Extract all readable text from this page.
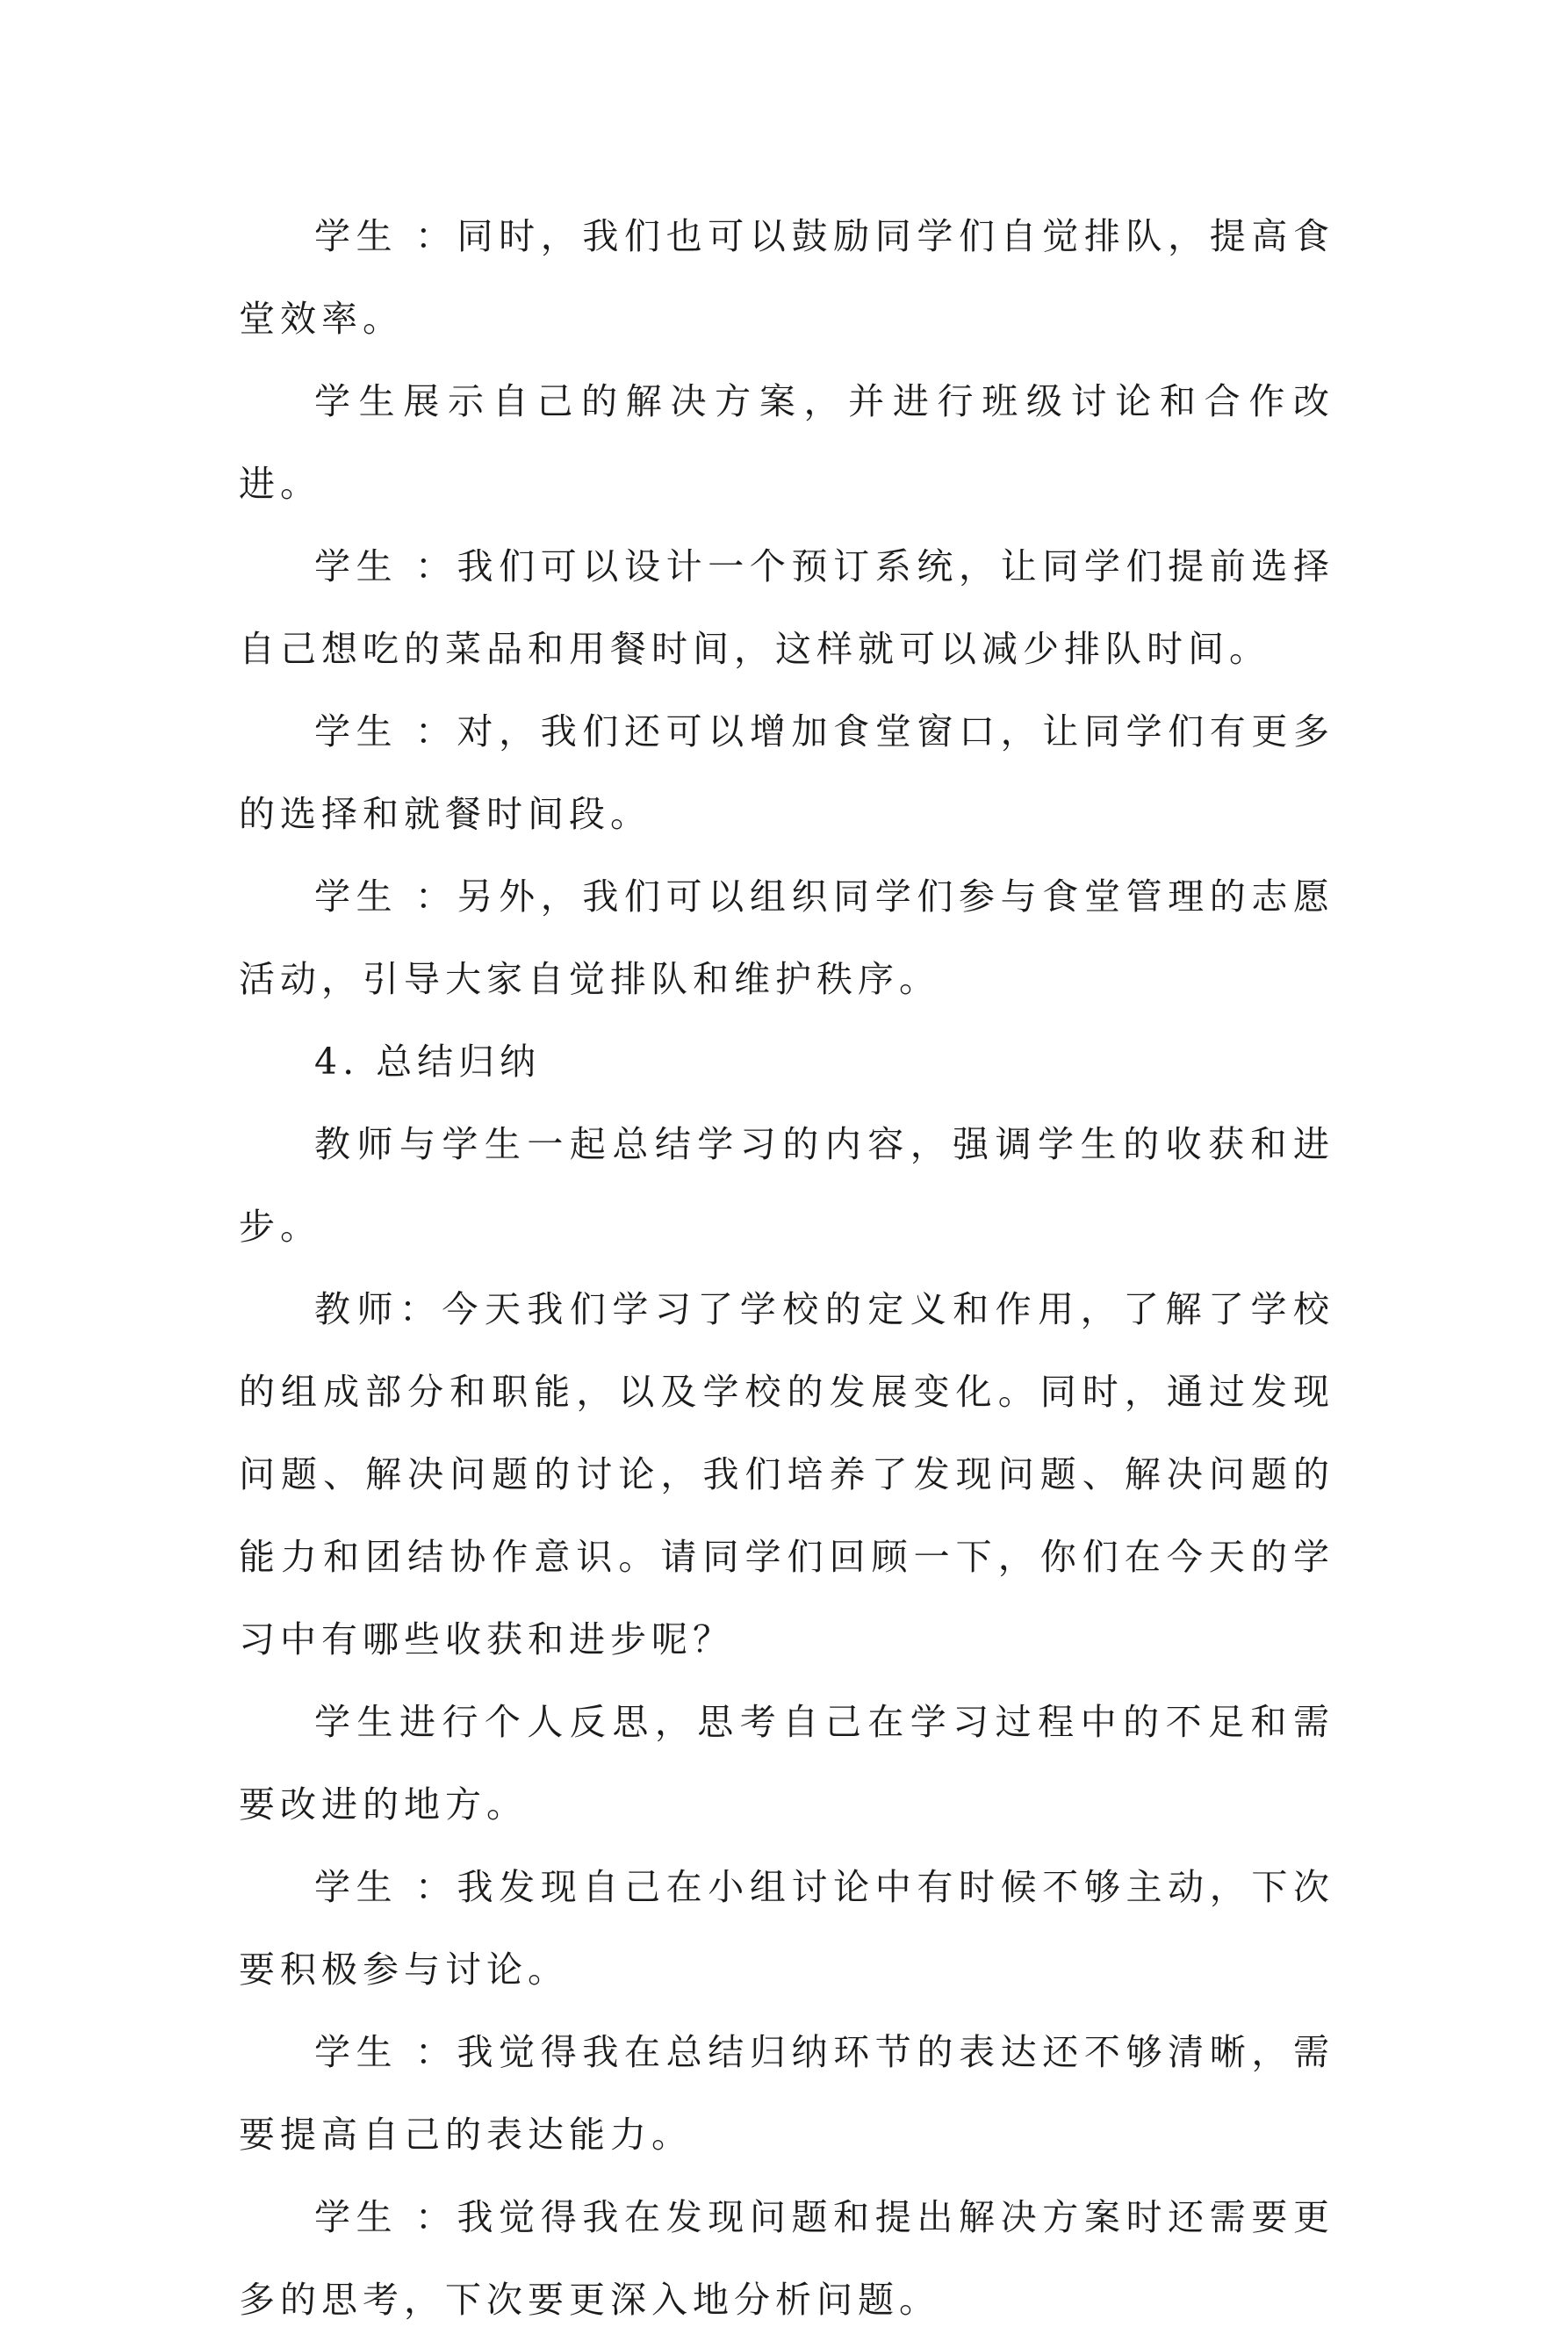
学生 ：同时，我们也可以鼓励同学们自觉排队，提高食堂效率。

学生展示自己的解决方案，并进行班级讨论和合作改进。

学生 ：我们可以设计一个预订系统，让同学们提前选择自己想吃的菜品和用餐时间，这样就可以减少排队时间。

学生 ：对，我们还可以增加食堂窗口，让同学们有更多的选择和就餐时间段。

学生 ：另外，我们可以组织同学们参与食堂管理的志愿活动，引导大家自觉排队和维护秩序。

4. 总结归纳

教师与学生一起总结学习的内容，强调学生的收获和进步。

教师：今天我们学习了学校的定义和作用，了解了学校的组成部分和职能，以及学校的发展变化。同时，通过发现问题、解决问题的讨论，我们培养了发现问题、解决问题的能力和团结协作意识。请同学们回顾一下，你们在今天的学习中有哪些收获和进步呢？

学生进行个人反思，思考自己在学习过程中的不足和需要改进的地方。

学生 ：我发现自己在小组讨论中有时候不够主动，下次要积极参与讨论。

学生 ：我觉得我在总结归纳环节的表达还不够清晰，需要提高自己的表达能力。

学生 ：我觉得我在发现问题和提出解决方案时还需要更多的思考，下次要更深入地分析问题。
